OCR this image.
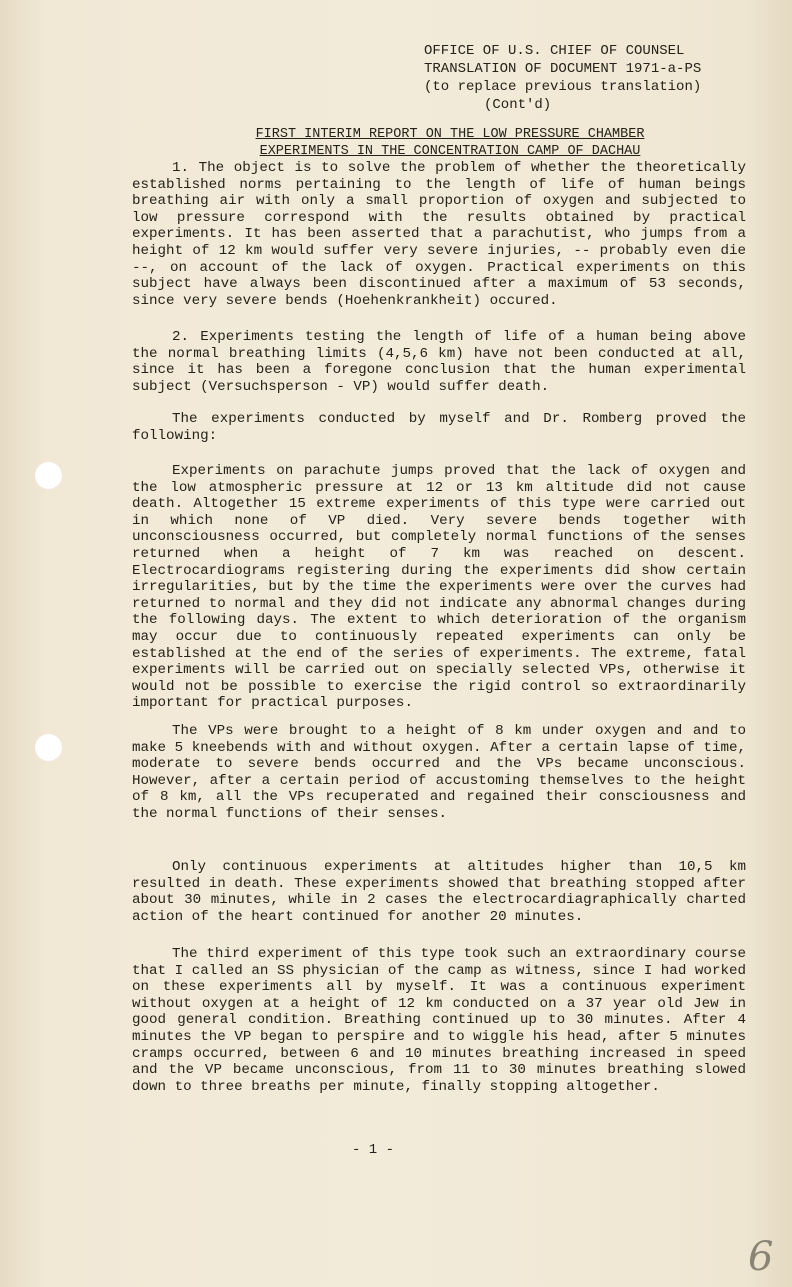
OFFICE OF U.S. CHIEF OF COUNSEL
TRANSLATION OF DOCUMENT 1971-a-PS
(to replace previous translation)
(Cont'd)
FIRST INTERIM REPORT ON THE LOW PRESSURE CHAMBER
EXPERIMENTS IN THE CONCENTRATION CAMP OF DACHAU

1. The object is to solve the problem of whether the theoretically established norms pertaining to the length of life of human beings breathing air with only a small proportion of oxygen and subjected to low pressure correspond with the results obtained by practical experiments. It has been asserted that a parachutist, who jumps from a height of 12 km would suffer very severe injuries, -- probably even die --, on account of the lack of oxygen. Practical experiments on this subject have always been discontinued after a maximum of 53 seconds, since very severe bends (Hoehenkrankheit) occured.

2. Experiments testing the length of life of a human being above the normal breathing limits (4,5,6 km) have not been conducted at all, since it has been a foregone conclusion that the human experimental subject (Versuchsperson - VP) would suffer death.

The experiments conducted by myself and Dr. Romberg proved the following:

Experiments on parachute jumps proved that the lack of oxygen and the low atmospheric pressure at 12 or 13 km altitude did not cause death. Altogether 15 extreme experiments of this type were carried out in which none of VP died. Very severe bends together with unconsciousness occurred, but completely normal functions of the senses returned when a height of 7 km was reached on descent. Electrocardiograms registering during the experiments did show certain irregularities, but by the time the experiments were over the curves had returned to normal and they did not indicate any abnormal changes during the following days. The extent to which deterioration of the organism may occur due to continuously repeated experiments can only be established at the end of the series of experiments. The extreme, fatal experiments will be carried out on specially selected VPs, otherwise it would not be possible to exercise the rigid control so extraordinarily important for practical purposes.

The VPs were brought to a height of 8 km under oxygen and and to make 5 kneebends with and without oxygen. After a certain lapse of time, moderate to severe bends occurred and the VPs became unconscious. However, after a certain period of accustoming themselves to the height of 8 km, all the VPs recuperated and regained their consciousness and the normal functions of their senses.

Only continuous experiments at altitudes higher than 10,5 km resulted in death. These experiments showed that breathing stopped after about 30 minutes, while in 2 cases the electrocardiagraphically charted action of the heart continued for another 20 minutes.

The third experiment of this type took such an extraordinary course that I called an SS physician of the camp as witness, since I had worked on these experiments all by myself. It was a continuous experiment without oxygen at a height of 12 km conducted on a 37 year old Jew in good general condition. Breathing continued up to 30 minutes. After 4 minutes the VP began to perspire and to wiggle his head, after 5 minutes cramps occurred, between 6 and 10 minutes breathing increased in speed and the VP became unconscious, from 11 to 30 minutes breathing slowed down to three breaths per minute, finally stopping altogether.

- 1 -
6
